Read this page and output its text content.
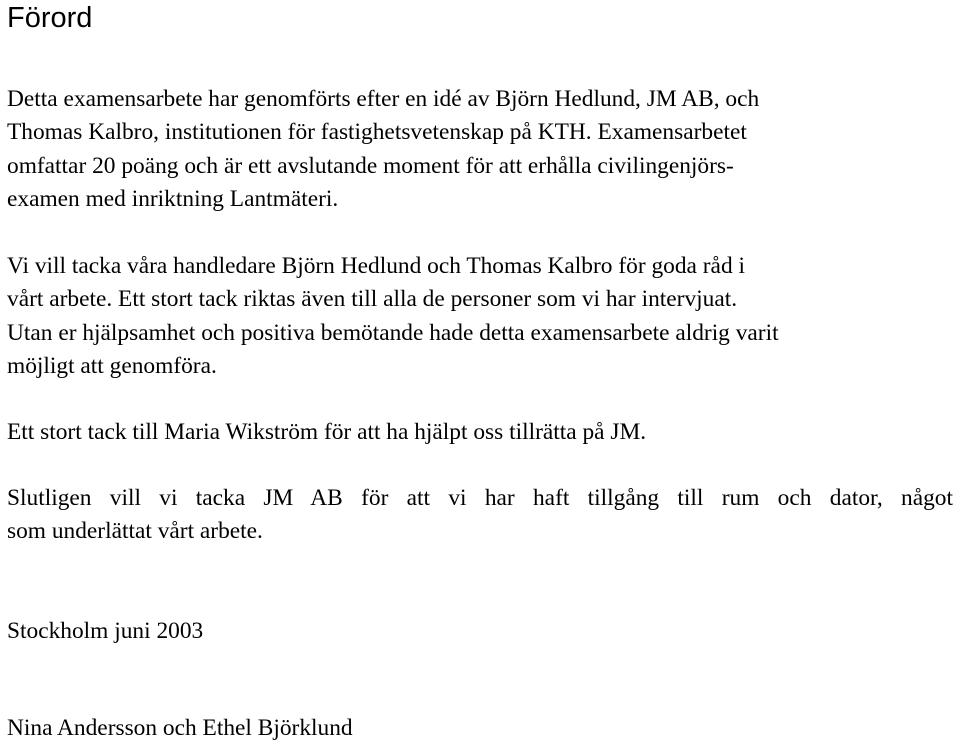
Förord
Detta examensarbete har genomförts efter en idé av Björn Hedlund, JM AB, och
Thomas Kalbro, institutionen för fastighetsvetenskap på KTH. Examensarbetet
omfattar 20 poäng och är ett avslutande moment för att erhålla civilingenjörs-
examen med inriktning Lantmäteri.
Vi vill tacka våra handledare Björn Hedlund och Thomas Kalbro för goda råd i
vårt arbete. Ett stort tack riktas även till alla de personer som vi har intervjuat.
Utan er hjälpsamhet och positiva bemötande hade detta examensarbete aldrig varit
möjligt att genomföra.
Ett stort tack till Maria Wikström för att ha hjälpt oss tillrätta på JM.
Slutligen vill vi tacka JM AB för att vi har haft tillgång till rum och dator, något
som underlättat vårt arbete.
Stockholm juni 2003
Nina Andersson och Ethel Björklund
